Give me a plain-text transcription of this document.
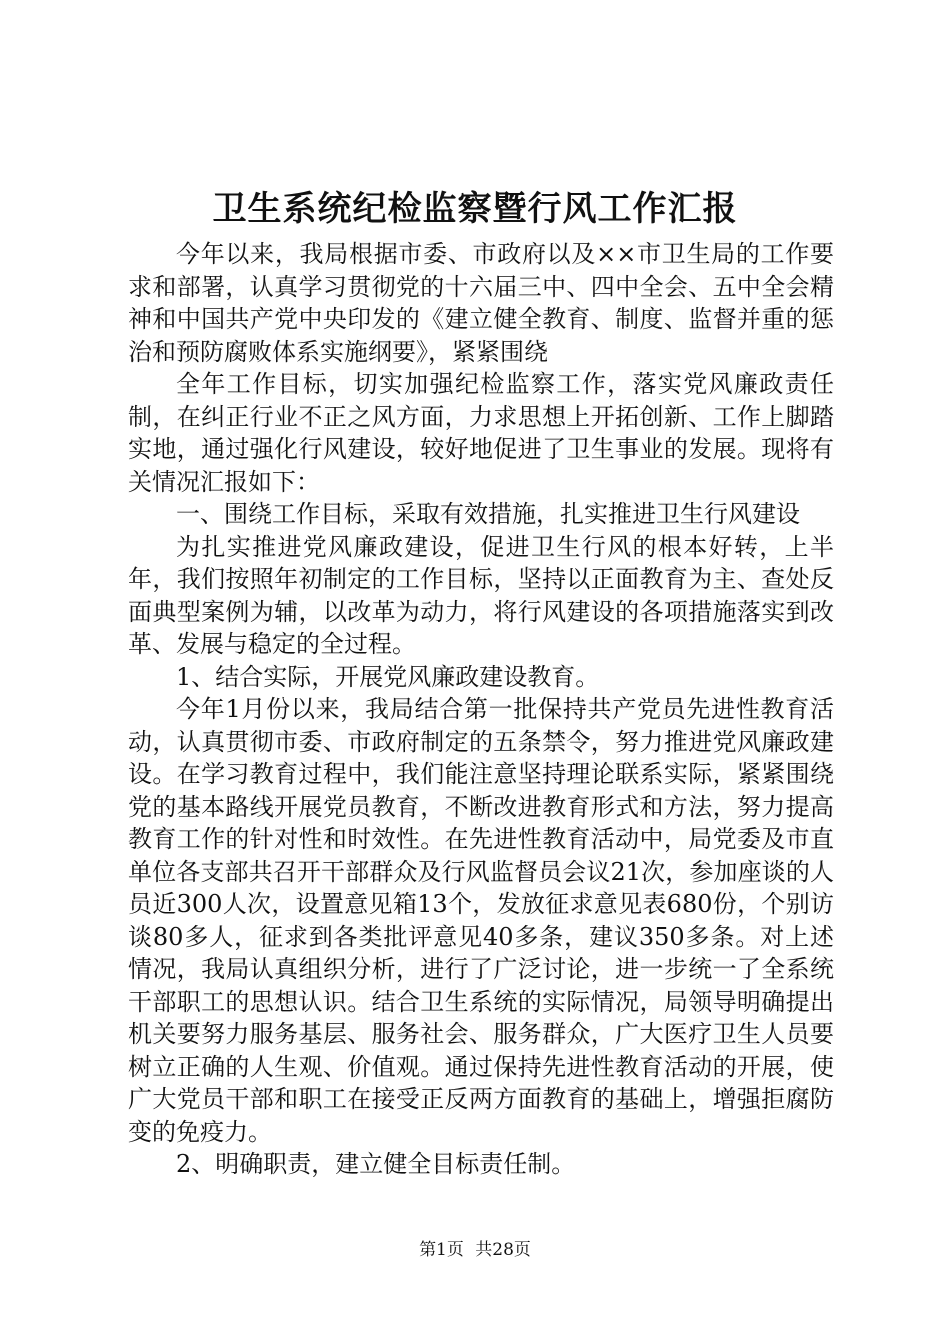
卫生系统纪检监察暨行风工作汇报

今年以来，我局根据市委、市政府以及××市卫生局的工作要求和部署，认真学习贯彻党的十六届三中、四中全会、五中全会精神和中国共产党中央印发的《建立健全教育、制度、监督并重的惩治和预防腐败体系实施纲要》，紧紧围绕

全年工作目标，切实加强纪检监察工作，落实党风廉政责任制，在纠正行业不正之风方面，力求思想上开拓创新、工作上脚踏实地，通过强化行风建设，较好地促进了卫生事业的发展。现将有关情况汇报如下：

一、围绕工作目标，采取有效措施，扎实推进卫生行风建设

为扎实推进党风廉政建设，促进卫生行风的根本好转，上半年，我们按照年初制定的工作目标，坚持以正面教育为主、查处反面典型案例为辅，以改革为动力，将行风建设的各项措施落实到改革、发展与稳定的全过程。

1、结合实际，开展党风廉政建设教育。

今年1月份以来，我局结合第一批保持共产党员先进性教育活动，认真贯彻市委、市政府制定的五条禁令，努力推进党风廉政建设。在学习教育过程中，我们能注意坚持理论联系实际，紧紧围绕党的基本路线开展党员教育，不断改进教育形式和方法，努力提高教育工作的针对性和时效性。在先进性教育活动中，局党委及市直单位各支部共召开干部群众及行风监督员会议21次，参加座谈的人员近300人次，设置意见箱13个，发放征求意见表680份，个别访谈80多人，征求到各类批评意见40多条，建议350多条。对上述情况，我局认真组织分析，进行了广泛讨论，进一步统一了全系统干部职工的思想认识。结合卫生系统的实际情况，局领导明确提出机关要努力服务基层、服务社会、服务群众，广大医疗卫生人员要树立正确的人生观、价值观。通过保持先进性教育活动的开展，使广大党员干部和职工在接受正反两方面教育的基础上，增强拒腐防变的免疫力。

2、明确职责，建立健全目标责任制。

第1页 共28页
